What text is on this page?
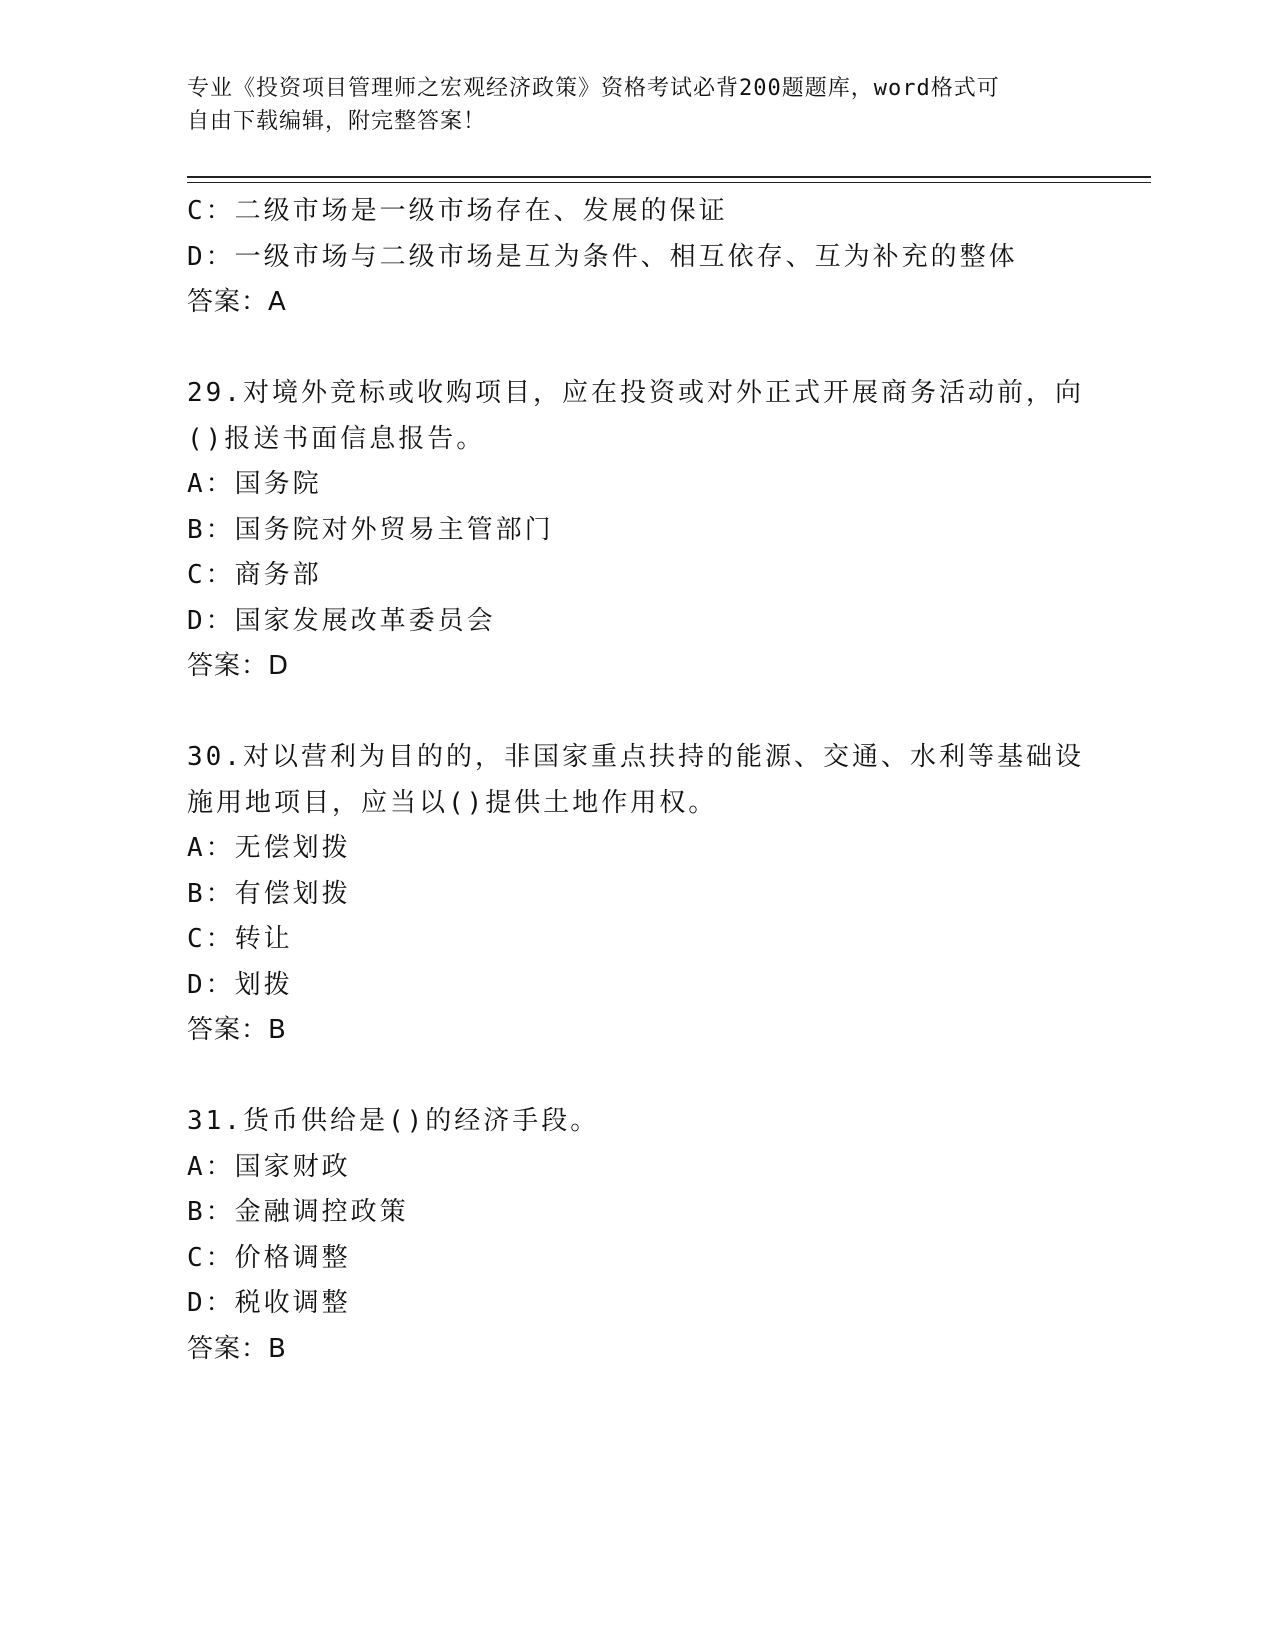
专业《投资项目管理师之宏观经济政策》资格考试必背200题题库，word格式可
自由下载编辑，附完整答案！
C：二级市场是一级市场存在、发展的保证
D：一级市场与二级市场是互为条件、相互依存、互为补充的整体
答案：A
29.对境外竞标或收购项目，应在投资或对外正式开展商务活动前，向
()报送书面信息报告。
A：国务院
B：国务院对外贸易主管部门
C：商务部
D：国家发展改革委员会
答案：D
30.对以营利为目的的，非国家重点扶持的能源、交通、水利等基础设
施用地项目，应当以()提供土地作用权。
A：无偿划拨
B：有偿划拨
C：转让
D：划拨
答案：B
31.货币供给是()的经济手段。
A：国家财政
B：金融调控政策
C：价格调整
D：税收调整
答案：B
